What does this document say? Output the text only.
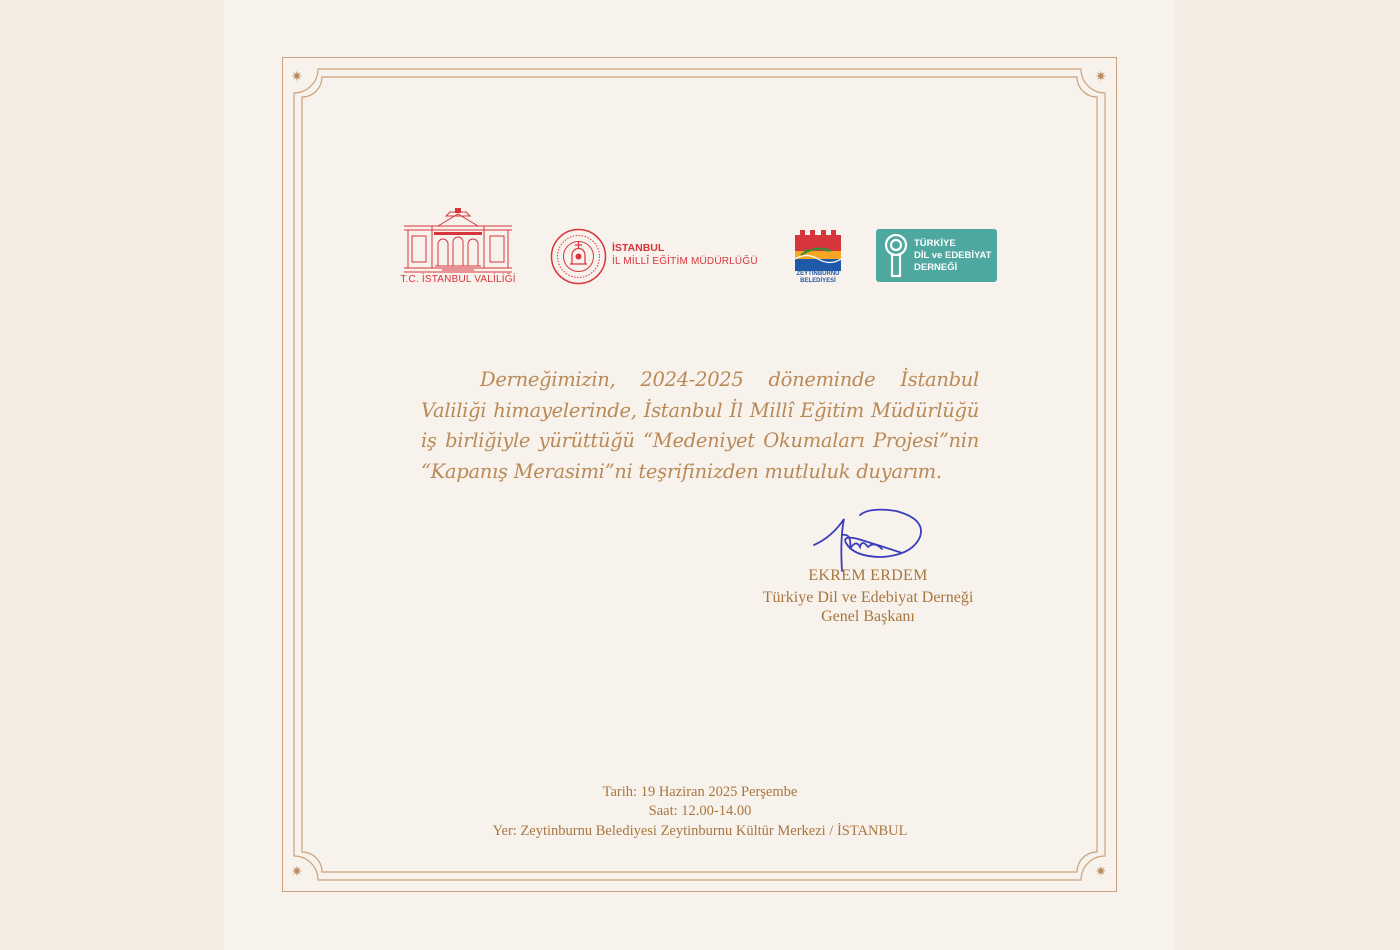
✷	✷
✷	✷
T.C. İSTANBUL VALİLİĞİ
İSTANBUL
İL MİLLÎ EĞİTİM MÜDÜRLÜĞÜ
ZEYTİNBURNU
BELEDİYESİ
TÜRKİYE
DİL ve EDEBİYAT
DERNEĞİ
Derneğimizin, 2024-2025 döneminde İstanbul Valiliği himayelerinde, İstanbul İl Millî Eğitim Müdürlüğü iş birliğiyle yürüttüğü “Medeniyet Okumaları Projesi”nin “Kapanış Merasimi”ni teşrifinizden mutluluk duyarım.
EKREM ERDEM
Türkiye Dil ve Edebiyat Derneği
Genel Başkanı
Tarih: 19 Haziran 2025 Perşembe
Saat: 12.00-14.00
Yer: Zeytinburnu Belediyesi Zeytinburnu Kültür Merkezi / İSTANBUL
